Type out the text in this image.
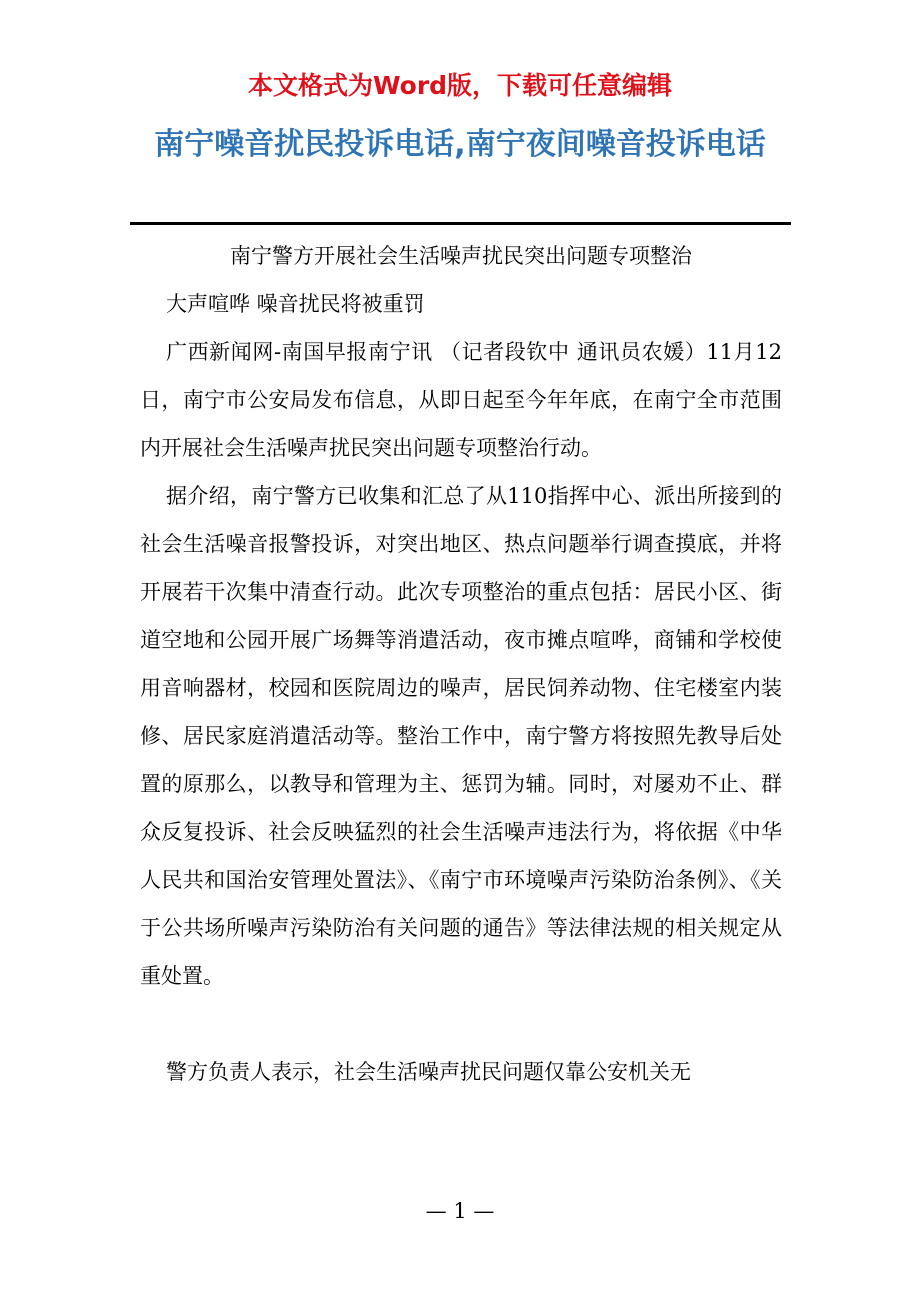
本文格式为Word版，下载可任意编辑
南宁噪音扰民投诉电话,南宁夜间噪音投诉电话

南宁警方开展社会生活噪声扰民突出问题专项整治

大声喧哗 噪音扰民将被重罚

广西新闻网-南国早报南宁讯 （记者段钦中 通讯员农媛）11月12日，南宁市公安局发布信息，从即日起至今年年底，在南宁全市范围内开展社会生活噪声扰民突出问题专项整治行动。

据介绍，南宁警方已收集和汇总了从110指挥中心、派出所接到的社会生活噪音报警投诉，对突出地区、热点问题举行调查摸底，并将开展若干次集中清查行动。此次专项整治的重点包括：居民小区、街道空地和公园开展广场舞等消遣活动，夜市摊点喧哗，商铺和学校使用音响器材，校园和医院周边的噪声，居民饲养动物、住宅楼室内装修、居民家庭消遣活动等。整治工作中，南宁警方将按照先教导后处置的原那么，以教导和管理为主、惩罚为辅。同时，对屡劝不止、群众反复投诉、社会反映猛烈的社会生活噪声违法行为，将依据《中华人民共和国治安管理处置法》、《南宁市环境噪声污染防治条例》、《关于公共场所噪声污染防治有关问题的通告》等法律法规的相关规定从重处置。

警方负责人表示，社会生活噪声扰民问题仅靠公安机关无

— 1 —
